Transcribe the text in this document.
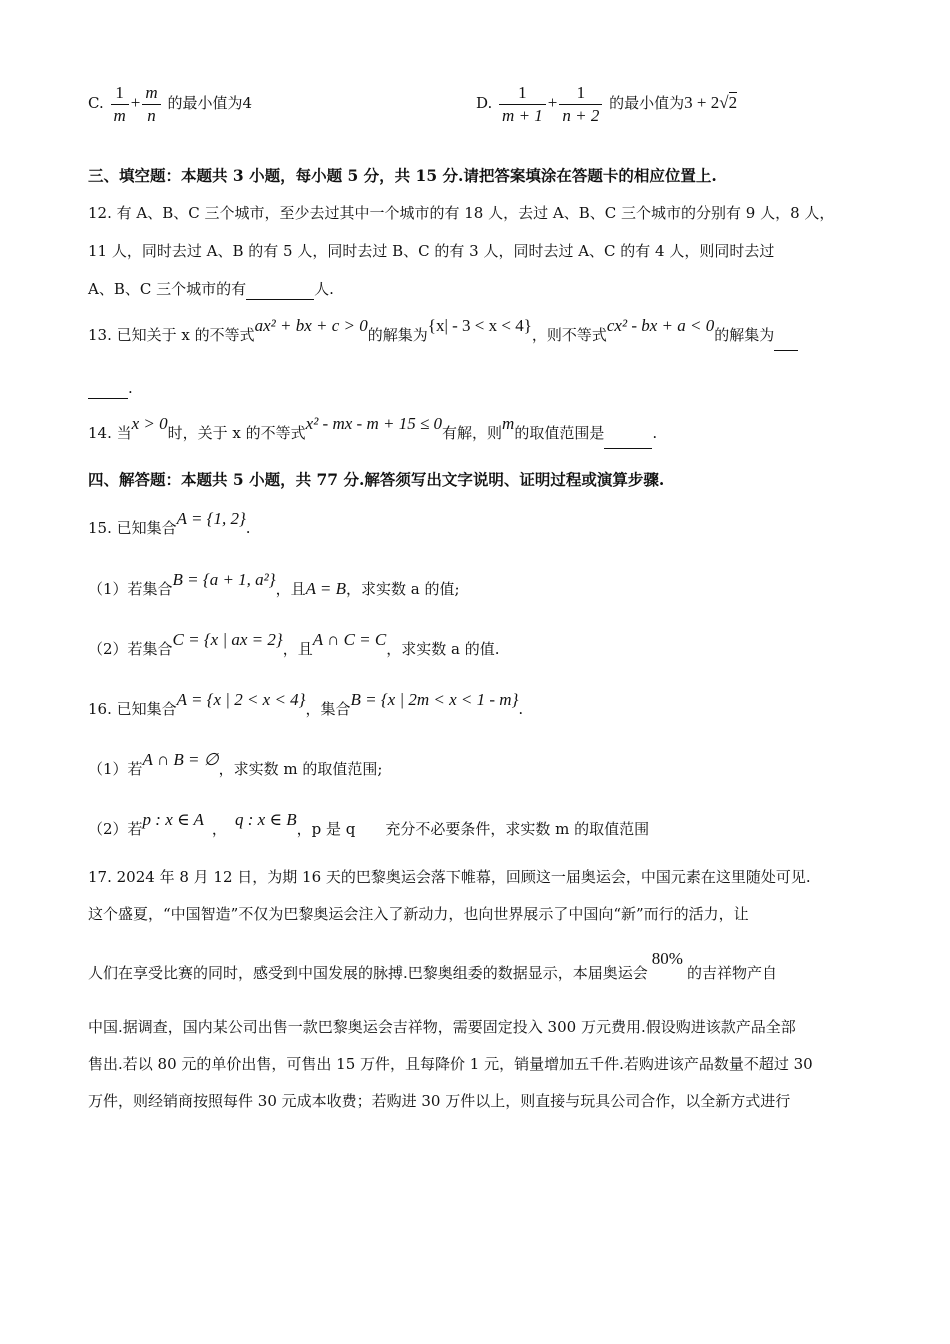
C. $\frac{1}{m} + \frac{m}{n}$ 的最小值为4	D. $\frac{1}{m + 1} + \frac{1}{n + 2}$ 的最小值为3 + 2√2
三、填空题：本题共 3 小题，每小题 5 分，共 15 分.请把答案填涂在答题卡的相应位置上.
12. 有 A、B、C 三个城市，至少去过其中一个城市的有 18 人，去过 A、B、C 三个城市的分别有 9 人，8 人，
11 人，同时去过 A、B 的有 5 人，同时去过 B、C 的有 3 人，同时去过 A、C 的有 4 人，则同时去过
A、B、C 三个城市的有	人.
13. 已知关于 x 的不等式ax² + bx + c > 0的解集为{x| - 3 < x < 4}，则不等式cx² - bx + a < 0的解集为
.
14. 当x > 0时，关于 x 的不等式x² - mx - m + 15 ≤ 0有解，则m的取值范围是	.
四、解答题：本题共 5 小题，共 77 分.解答须写出文字说明、证明过程或演算步骤.
15. 已知集合A = {1, 2}.
（1）若集合B = {a + 1, a²}，且A = B，求实数 a 的值;
（2）若集合C = {x | ax = 2}，且A ∩ C = C，求实数 a 的值.
16. 已知集合A = {x | 2 < x < 4}，集合B = {x | 2m < x < 1 - m}.
（1）若A ∩ B = ∅，求实数 m 的取值范围;
（2）若p : x ∈ A ， q : x ∈ B，p 是 q 充分不必要条件，求实数 m 的取值范围
17. 2024 年 8 月 12 日，为期 16 天的巴黎奥运会落下帷幕，回顾这一届奥运会，中国元素在这里随处可见.
这个盛夏，“中国智造”不仅为巴黎奥运会注入了新动力，也向世界展示了中国向“新”而行的活力，让
人们在享受比赛的同时，感受到中国发展的脉搏.巴黎奥组委的数据显示，本届奥运会80%的吉祥物产自
中国.据调查，国内某公司出售一款巴黎奥运会吉祥物，需要固定投入 300 万元费用.假设购进该款产品全部
售出.若以 80 元的单价出售，可售出 15 万件，且每降价 1 元，销量增加五千件.若购进该产品数量不超过 30
万件，则经销商按照每件 30 元成本收费；若购进 30 万件以上，则直接与玩具公司合作，以全新方式进行
